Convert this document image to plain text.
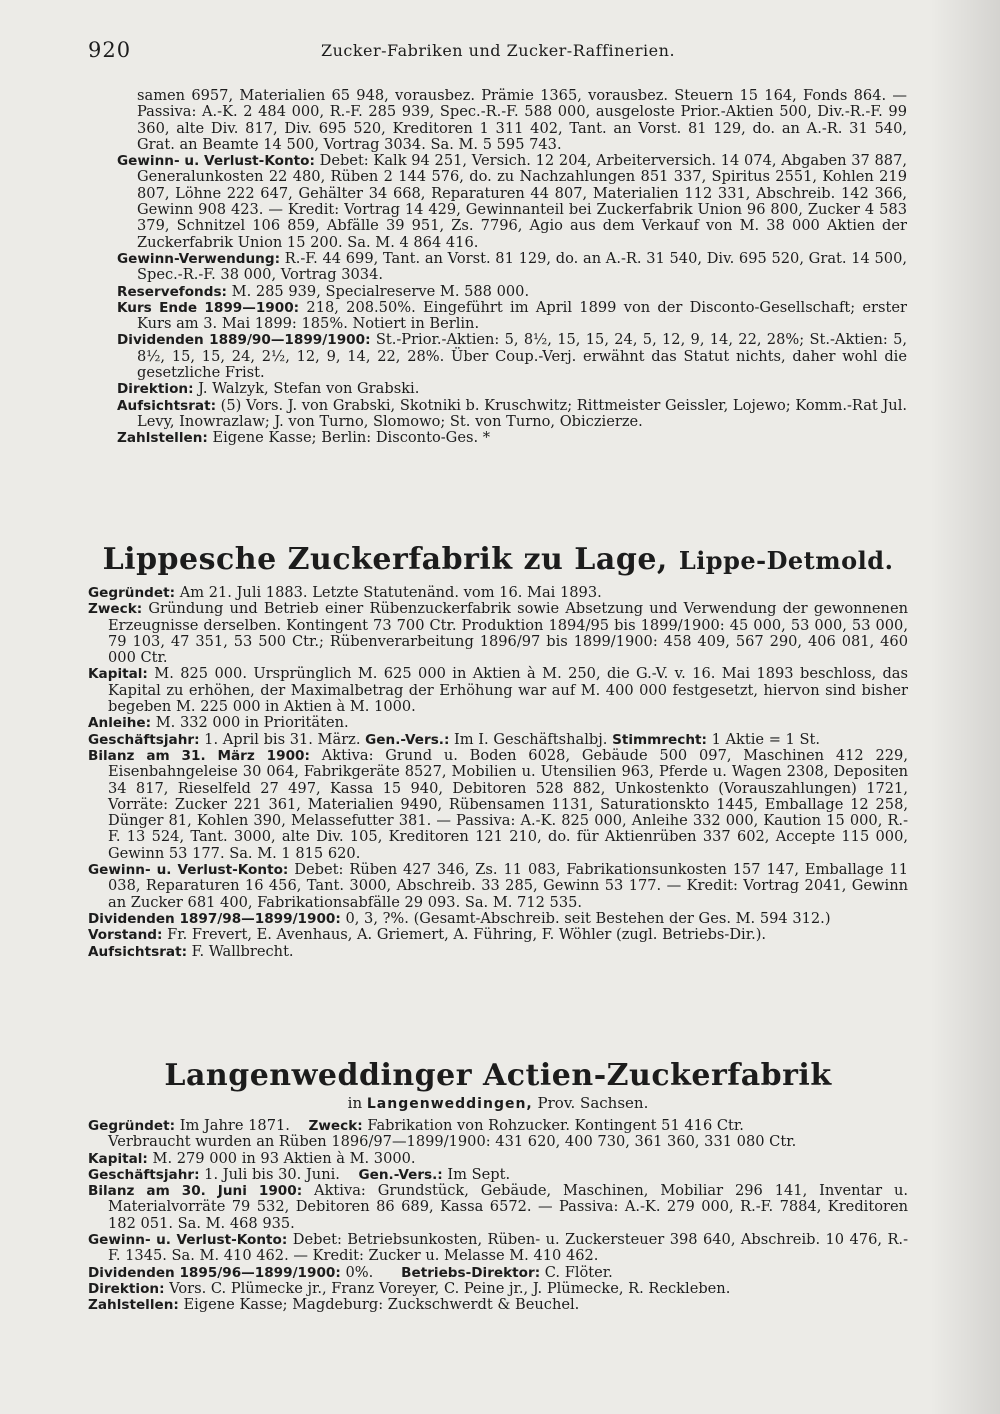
920	Zucker-Fabriken und Zucker-Raffinerien.

samen 6957, Materialien 65 948, vorausbez. Prämie 1365, vorausbez. Steuern 15 164, Fonds 864. — Passiva: A.-K. 2 484 000, R.-F. 285 939, Spec.-R.-F. 588 000, ausgeloste Prior.-Aktien 500, Div.-R.-F. 99 360, alte Div. 817, Div. 695 520, Kreditoren 1 311 402, Tant. an Vorst. 81 129, do. an A.-R. 31 540, Grat. an Beamte 14 500, Vortrag 3034. Sa. M. 5 595 743.

Gewinn- u. Verlust-Konto: Debet: Kalk 94 251, Versich. 12 204, Arbeiterversich. 14 074, Abgaben 37 887, Generalunkosten 22 480, Rüben 2 144 576, do. zu Nachzahlungen 851 337, Spiritus 2551, Kohlen 219 807, Löhne 222 647, Gehälter 34 668, Reparaturen 44 807, Materialien 112 331, Abschreib. 142 366, Gewinn 908 423. — Kredit: Vortrag 14 429, Gewinnanteil bei Zuckerfabrik Union 96 800, Zucker 4 583 379, Schnitzel 106 859, Abfälle 39 951, Zs. 7796, Agio aus dem Verkauf von M. 38 000 Aktien der Zuckerfabrik Union 15 200. Sa. M. 4 864 416.

Gewinn-Verwendung: R.-F. 44 699, Tant. an Vorst. 81 129, do. an A.-R. 31 540, Div. 695 520, Grat. 14 500, Spec.-R.-F. 38 000, Vortrag 3034.

Reservefonds: M. 285 939, Specialreserve M. 588 000.

Kurs Ende 1899—1900: 218, 208.50%. Eingeführt im April 1899 von der Disconto-Gesellschaft; erster Kurs am 3. Mai 1899: 185%. Notiert in Berlin.

Dividenden 1889/90—1899/1900: St.-Prior.-Aktien: 5, 8½, 15, 15, 24, 5, 12, 9, 14, 22, 28%; St.-Aktien: 5, 8½, 15, 15, 24, 2½, 12, 9, 14, 22, 28%. Über Coup.-Verj. erwähnt das Statut nichts, daher wohl die gesetzliche Frist.

Direktion: J. Walzyk, Stefan von Grabski.

Aufsichtsrat: (5) Vors. J. von Grabski, Skotniki b. Kruschwitz; Rittmeister Geissler, Lojewo; Komm.-Rat Jul. Levy, Inowrazlaw; J. von Turno, Slomowo; St. von Turno, Obiczierze.

Zahlstellen: Eigene Kasse; Berlin: Disconto-Ges. *

Lippesche Zuckerfabrik zu Lage, Lippe-Detmold.

Gegründet: Am 21. Juli 1883. Letzte Statutenänd. vom 16. Mai 1893.

Zweck: Gründung und Betrieb einer Rübenzuckerfabrik sowie Absetzung und Verwendung der gewonnenen Erzeugnisse derselben. Kontingent 73 700 Ctr. Produktion 1894/95 bis 1899/1900: 45 000, 53 000, 53 000, 79 103, 47 351, 53 500 Ctr.; Rübenverarbeitung 1896/97 bis 1899/1900: 458 409, 567 290, 406 081, 460 000 Ctr.

Kapital: M. 825 000. Ursprünglich M. 625 000 in Aktien à M. 250, die G.-V. v. 16. Mai 1893 beschloss, das Kapital zu erhöhen, der Maximalbetrag der Erhöhung war auf M. 400 000 festgesetzt, hiervon sind bisher begeben M. 225 000 in Aktien à M. 1000.

Anleihe: M. 332 000 in Prioritäten.

Geschäftsjahr: 1. April bis 31. März. Gen.-Vers.: Im I. Geschäftshalbj. Stimmrecht: 1 Aktie = 1 St.

Bilanz am 31. März 1900: Aktiva: Grund u. Boden 6028, Gebäude 500 097, Maschinen 412 229, Eisenbahngeleise 30 064, Fabrikgeräte 8527, Mobilien u. Utensilien 963, Pferde u. Wagen 2308, Depositen 34 817, Rieselfeld 27 497, Kassa 15 940, Debitoren 528 882, Unkostenkto (Vorauszahlungen) 1721, Vorräte: Zucker 221 361, Materialien 9490, Rübensamen 1131, Saturationskto 1445, Emballage 12 258, Dünger 81, Kohlen 390, Melassefutter 381. — Passiva: A.-K. 825 000, Anleihe 332 000, Kaution 15 000, R.-F. 13 524, Tant. 3000, alte Div. 105, Kreditoren 121 210, do. für Aktienrüben 337 602, Accepte 115 000, Gewinn 53 177. Sa. M. 1 815 620.

Gewinn- u. Verlust-Konto: Debet: Rüben 427 346, Zs. 11 083, Fabrikationsunkosten 157 147, Emballage 11 038, Reparaturen 16 456, Tant. 3000, Abschreib. 33 285, Gewinn 53 177. — Kredit: Vortrag 2041, Gewinn an Zucker 681 400, Fabrikationsabfälle 29 093. Sa. M. 712 535.

Dividenden 1897/98—1899/1900: 0, 3, ?%. (Gesamt-Abschreib. seit Bestehen der Ges. M. 594 312.)

Vorstand: Fr. Frevert, E. Avenhaus, A. Griemert, A. Führing, F. Wöhler (zugl. Betriebs-Dir.).

Aufsichtsrat: F. Wallbrecht.

Langenweddinger Actien-Zuckerfabrik

in Langenweddingen, Prov. Sachsen.

Gegründet: Im Jahre 1871. Zweck: Fabrikation von Rohzucker. Kontingent 51 416 Ctr.

Verbraucht wurden an Rüben 1896/97—1899/1900: 431 620, 400 730, 361 360, 331 080 Ctr.

Kapital: M. 279 000 in 93 Aktien à M. 3000.

Geschäftsjahr: 1. Juli bis 30. Juni. Gen.-Vers.: Im Sept.

Bilanz am 30. Juni 1900: Aktiva: Grundstück, Gebäude, Maschinen, Mobiliar 296 141, Inventar u. Materialvorräte 79 532, Debitoren 86 689, Kassa 6572. — Passiva: A.-K. 279 000, R.-F. 7884, Kreditoren 182 051. Sa. M. 468 935.

Gewinn- u. Verlust-Konto: Debet: Betriebsunkosten, Rüben- u. Zuckersteuer 398 640, Abschreib. 10 476, R.-F. 1345. Sa. M. 410 462. — Kredit: Zucker u. Melasse M. 410 462.

Dividenden 1895/96—1899/1900: 0%. Betriebs-Direktor: C. Flöter.

Direktion: Vors. C. Plümecke jr., Franz Voreyer, C. Peine jr., J. Plümecke, R. Reckleben.

Zahlstellen: Eigene Kasse; Magdeburg: Zuckschwerdt & Beuchel.
